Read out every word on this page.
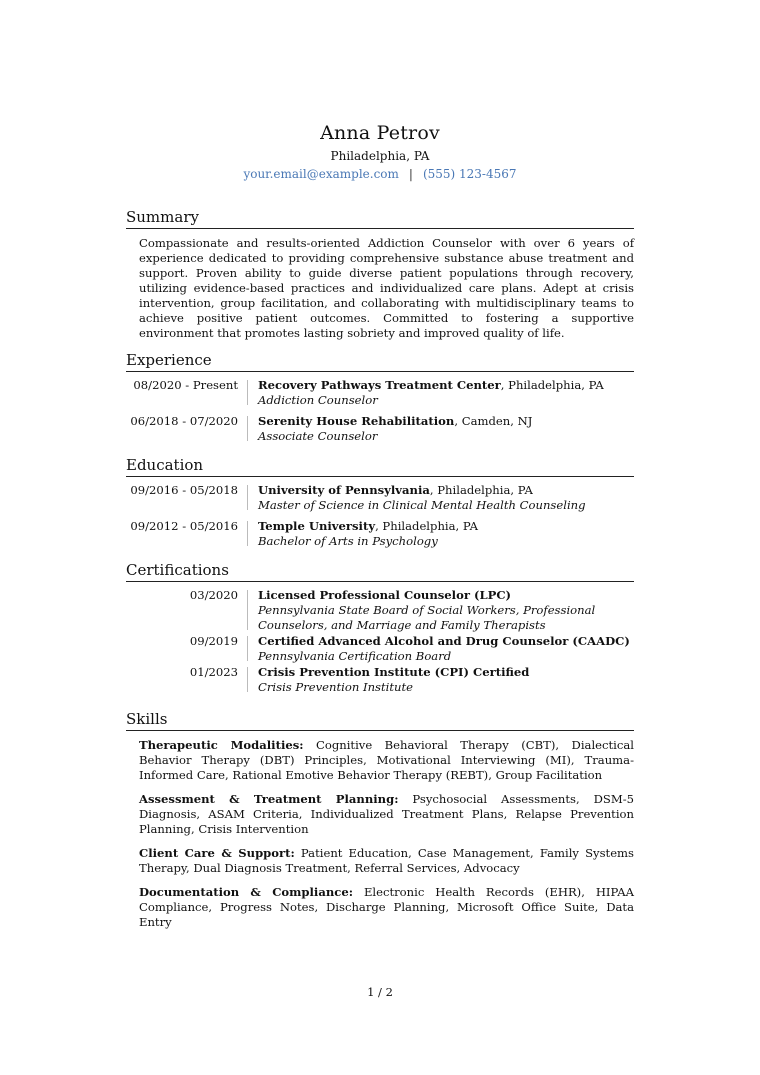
Anna Petrov
Philadelphia, PA
your.email@example.com | (555) 123-4567
Summary
Compassionate and results-oriented Addiction Counselor with over 6 years of experience dedicated to providing comprehensive substance abuse treatment and support. Proven ability to guide diverse patient populations through recovery, utilizing evidence-based practices and individualized care plans. Adept at crisis intervention, group facilitation, and collaborating with multidisciplinary teams to achieve positive patient outcomes. Committed to fostering a supportive environment that promotes lasting sobriety and improved quality of life.
Experience
08/2020 - Present	Recovery Pathways Treatment Center, Philadelphia, PA
Addiction Counselor
06/2018 - 07/2020	Serenity House Rehabilitation, Camden, NJ
Associate Counselor
Education
09/2016 - 05/2018	University of Pennsylvania, Philadelphia, PA
Master of Science in Clinical Mental Health Counseling
09/2012 - 05/2016	Temple University, Philadelphia, PA
Bachelor of Arts in Psychology
Certifications
03/2020	Licensed Professional Counselor (LPC)
Pennsylvania State Board of Social Workers, Professional Counselors, and Marriage and Family Therapists
09/2019	Certified Advanced Alcohol and Drug Counselor (CAADC)
Pennsylvania Certification Board
01/2023	Crisis Prevention Institute (CPI) Certified
Crisis Prevention Institute
Skills
Therapeutic Modalities: Cognitive Behavioral Therapy (CBT), Dialectical Behavior Therapy (DBT) Principles, Motivational Interviewing (MI), Trauma-Informed Care, Rational Emotive Behavior Therapy (REBT), Group Facilitation
Assessment & Treatment Planning: Psychosocial Assessments, DSM-5 Diagnosis, ASAM Criteria, Individualized Treatment Plans, Relapse Prevention Planning, Crisis Intervention
Client Care & Support: Patient Education, Case Management, Family Systems Therapy, Dual Diagnosis Treatment, Referral Services, Advocacy
Documentation & Compliance: Electronic Health Records (EHR), HIPAA Compliance, Progress Notes, Discharge Planning, Microsoft Office Suite, Data Entry
1 / 2
